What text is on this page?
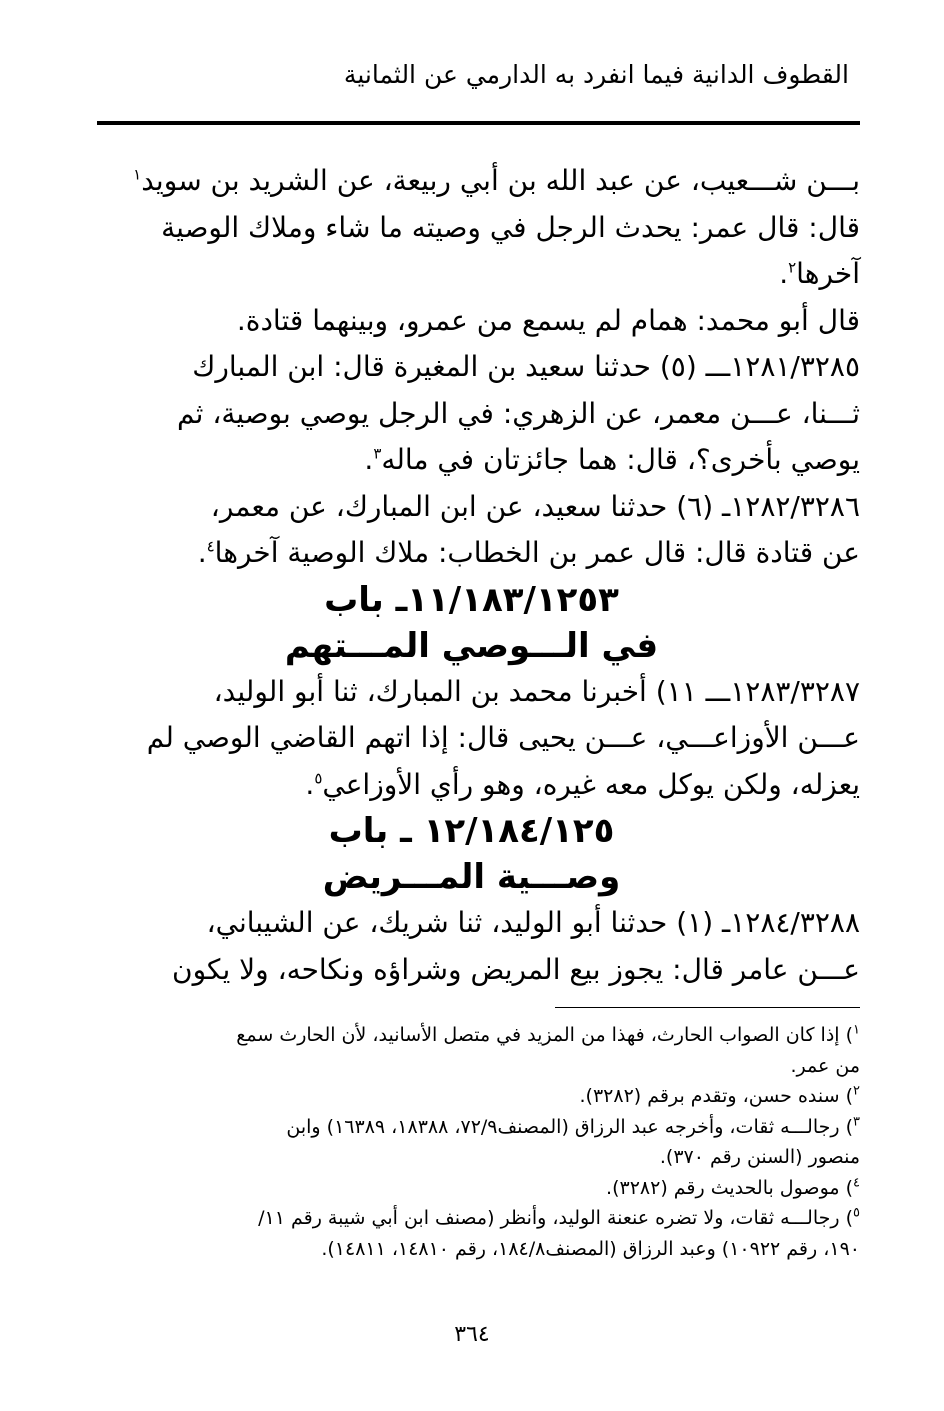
القطوف الدانية فيما انفرد به الدارمي عن الثمانية

بـــن شـــعيب، عن عبد الله بن أبي ربيعة، عن الشريد بن سويد$^١$

قال: قال عمر: يحدث الرجل في وصيته ما شاء وملاك الوصية

آخرها$^٢$.

قال أبو محمد: همام لم يسمع من عمرو، وبينهما قتادة.

١٢٨١/٣٢٨٥ـــ (٥) حدثنا سعيد بن المغيرة قال: ابن المبارك

ثـــنا، عـــن معمر، عن الزهري: في الرجل يوصي بوصية، ثم

يوصي بأخرى؟، قال: هما جائزتان في ماله$^٣$.

١٢٨٢/٣٢٨٦ـ (٦) حدثنا سعيد، عن ابن المبارك، عن معمر،

عن قتادة قال: قال عمر بن الخطاب: ملاك الوصية آخرها$^٤$.

١١/١٨٣/١٢٥٣ـ باب

في الـــوصي المـــتهم

١٢٨٣/٣٢٨٧ـــ ١١) أخبرنا محمد بن المبارك، ثنا أبو الوليد،

عـــن الأوزاعـــي، عـــن يحيى قال: إذا اتهم القاضي الوصي لم

يعزله، ولكن يوكل معه غيره، وهو رأي الأوزاعي$^٥$.

١٢/١٨٤/١٢٥ ـ باب

وصـــية المـــريض

١٢٨٤/٣٢٨٨ـ (١) حدثنا أبو الوليد، ثنا شريك، عن الشيباني،

عـــن عامر قال: يجوز بيع المريض وشراؤه ونكاحه، ولا يكون

$^١$) إذا كان الصواب الحارث، فهذا من المزيد في متصل الأسانيد، لأن الحارث سمع

من عمر.

$^٢$) سنده حسن، وتقدم برقم (٣٢٨٢).

$^٣$) رجالـــه ثقات، وأخرجه عبد الرزاق (المصنف٧٢/٩، ١٨٣٨٨، ١٦٣٨٩) وابن

منصور (السنن رقم ٣٧٠).

$^٤$) موصول بالحديث رقم (٣٢٨٢).

$^٥$) رجالـــه ثقات، ولا تضره عنعنة الوليد، وأنظر (مصنف ابن أبي شيبة رقم ١١/

١٩٠، رقم ١٠٩٢٢) وعبد الرزاق (المصنف١٨٤/٨، رقم ١٤٨١٠، ١٤٨١١).

٣٦٤
